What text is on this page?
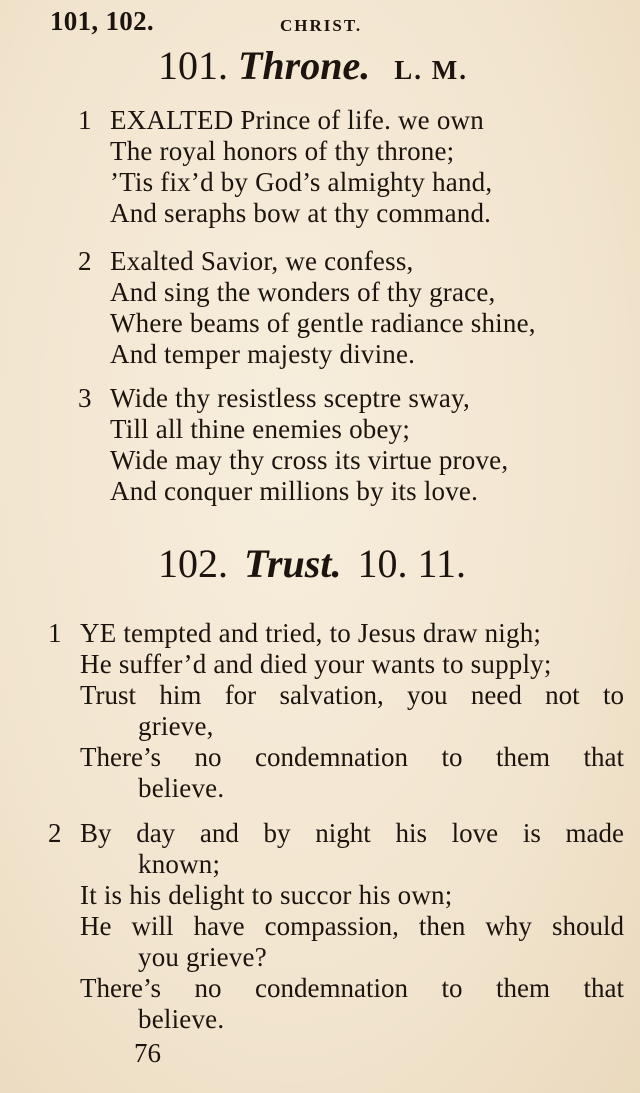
101, 102.	CHRIST.
101. Throne. L. M.
1 EXALTED Prince of life. we own
The royal honors of thy throne;
’Tis fix’d by God’s almighty hand,
And seraphs bow at thy command.
2 Exalted Savior, we confess,
And sing the wonders of thy grace,
Where beams of gentle radiance shine,
And temper majesty divine.
3 Wide thy resistless sceptre sway,
Till all thine enemies obey;
Wide may thy cross its virtue prove,
And conquer millions by its love.
102. Trust. 10. 11.
1 YE tempted and tried, to Jesus draw nigh;
He suffer’d and died your wants to supply;
Trust him for salvation, you need not to
grieve,
There’s no condemnation to them that
believe.
2 By day and by night his love is made
known;
It is his delight to succor his own;
He will have compassion, then why should
you grieve?
There’s no condemnation to them that
believe.
76
